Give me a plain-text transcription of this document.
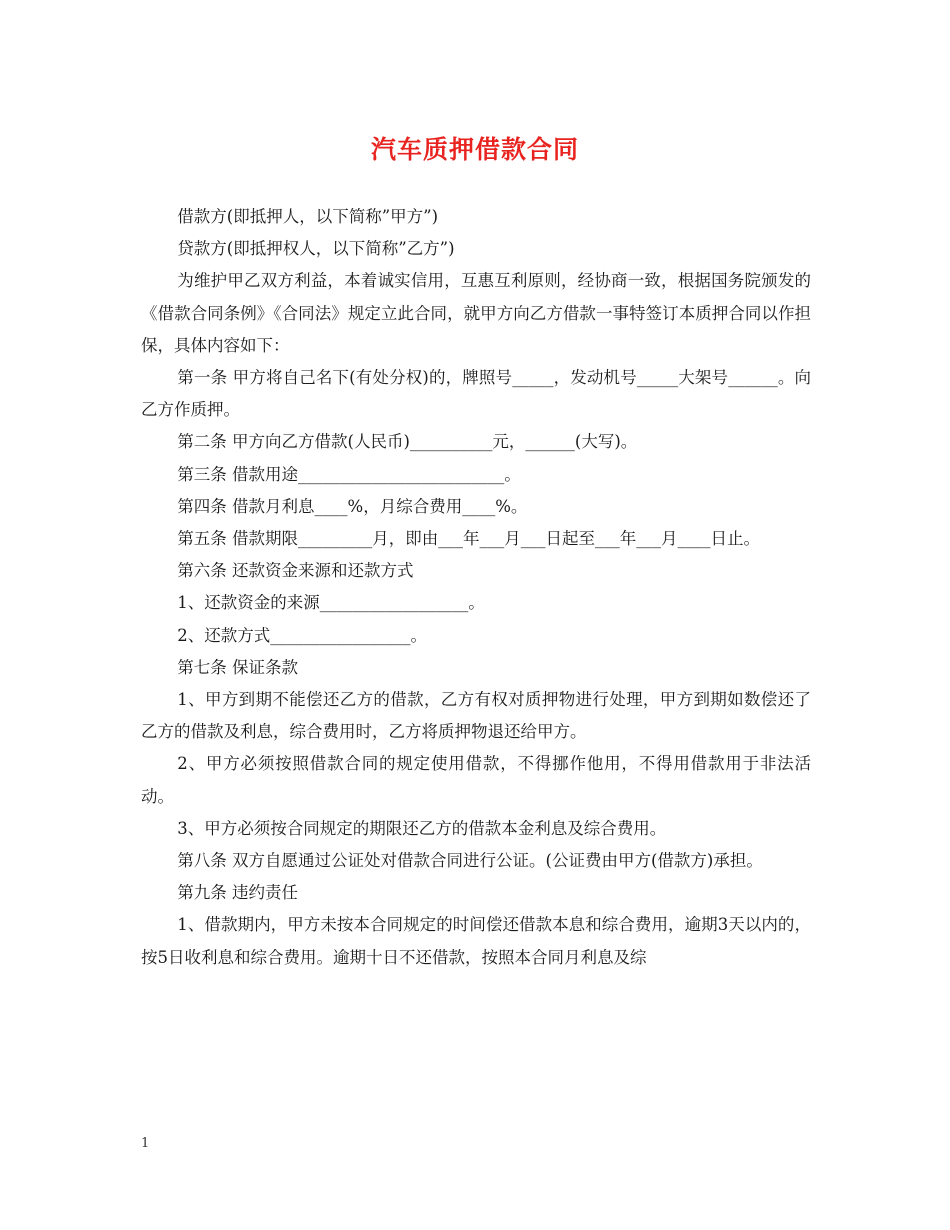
汽车质押借款合同

借款方(即抵押人，以下简称”甲方”)

贷款方(即抵押权人，以下简称”乙方”)

为维护甲乙双方利益，本着诚实信用，互惠互利原则，经协商一致，根据国务院颁发的《借款合同条例》《合同法》规定立此合同，就甲方向乙方借款一事特签订本质押合同以作担保，具体内容如下：

第一条 甲方将自己名下(有处分权)的，牌照号_____，发动机号_____大架号______。向乙方作质押。

第二条 甲方向乙方借款(人民币)__________元，______(大写)。

第三条 借款用途_________________________。

第四条 借款月利息____%，月综合费用____%。

第五条 借款期限_________月，即由___年___月___日起至___年___月____日止。

第六条 还款资金来源和还款方式

1、还款资金的来源__________________。

2、还款方式_________________。

第七条 保证条款

1、甲方到期不能偿还乙方的借款，乙方有权对质押物进行处理，甲方到期如数偿还了乙方的借款及利息，综合费用时，乙方将质押物退还给甲方。

2、甲方必须按照借款合同的规定使用借款，不得挪作他用，不得用借款用于非法活动。

3、甲方必须按合同规定的期限还乙方的借款本金利息及综合费用。

第八条 双方自愿通过公证处对借款合同进行公证。(公证费由甲方(借款方)承担。

第九条 违约责任

1、借款期内，甲方未按本合同规定的时间偿还借款本息和综合费用，逾期3天以内的，按5日收利息和综合费用。逾期十日不还借款，按照本合同月利息及综

1
